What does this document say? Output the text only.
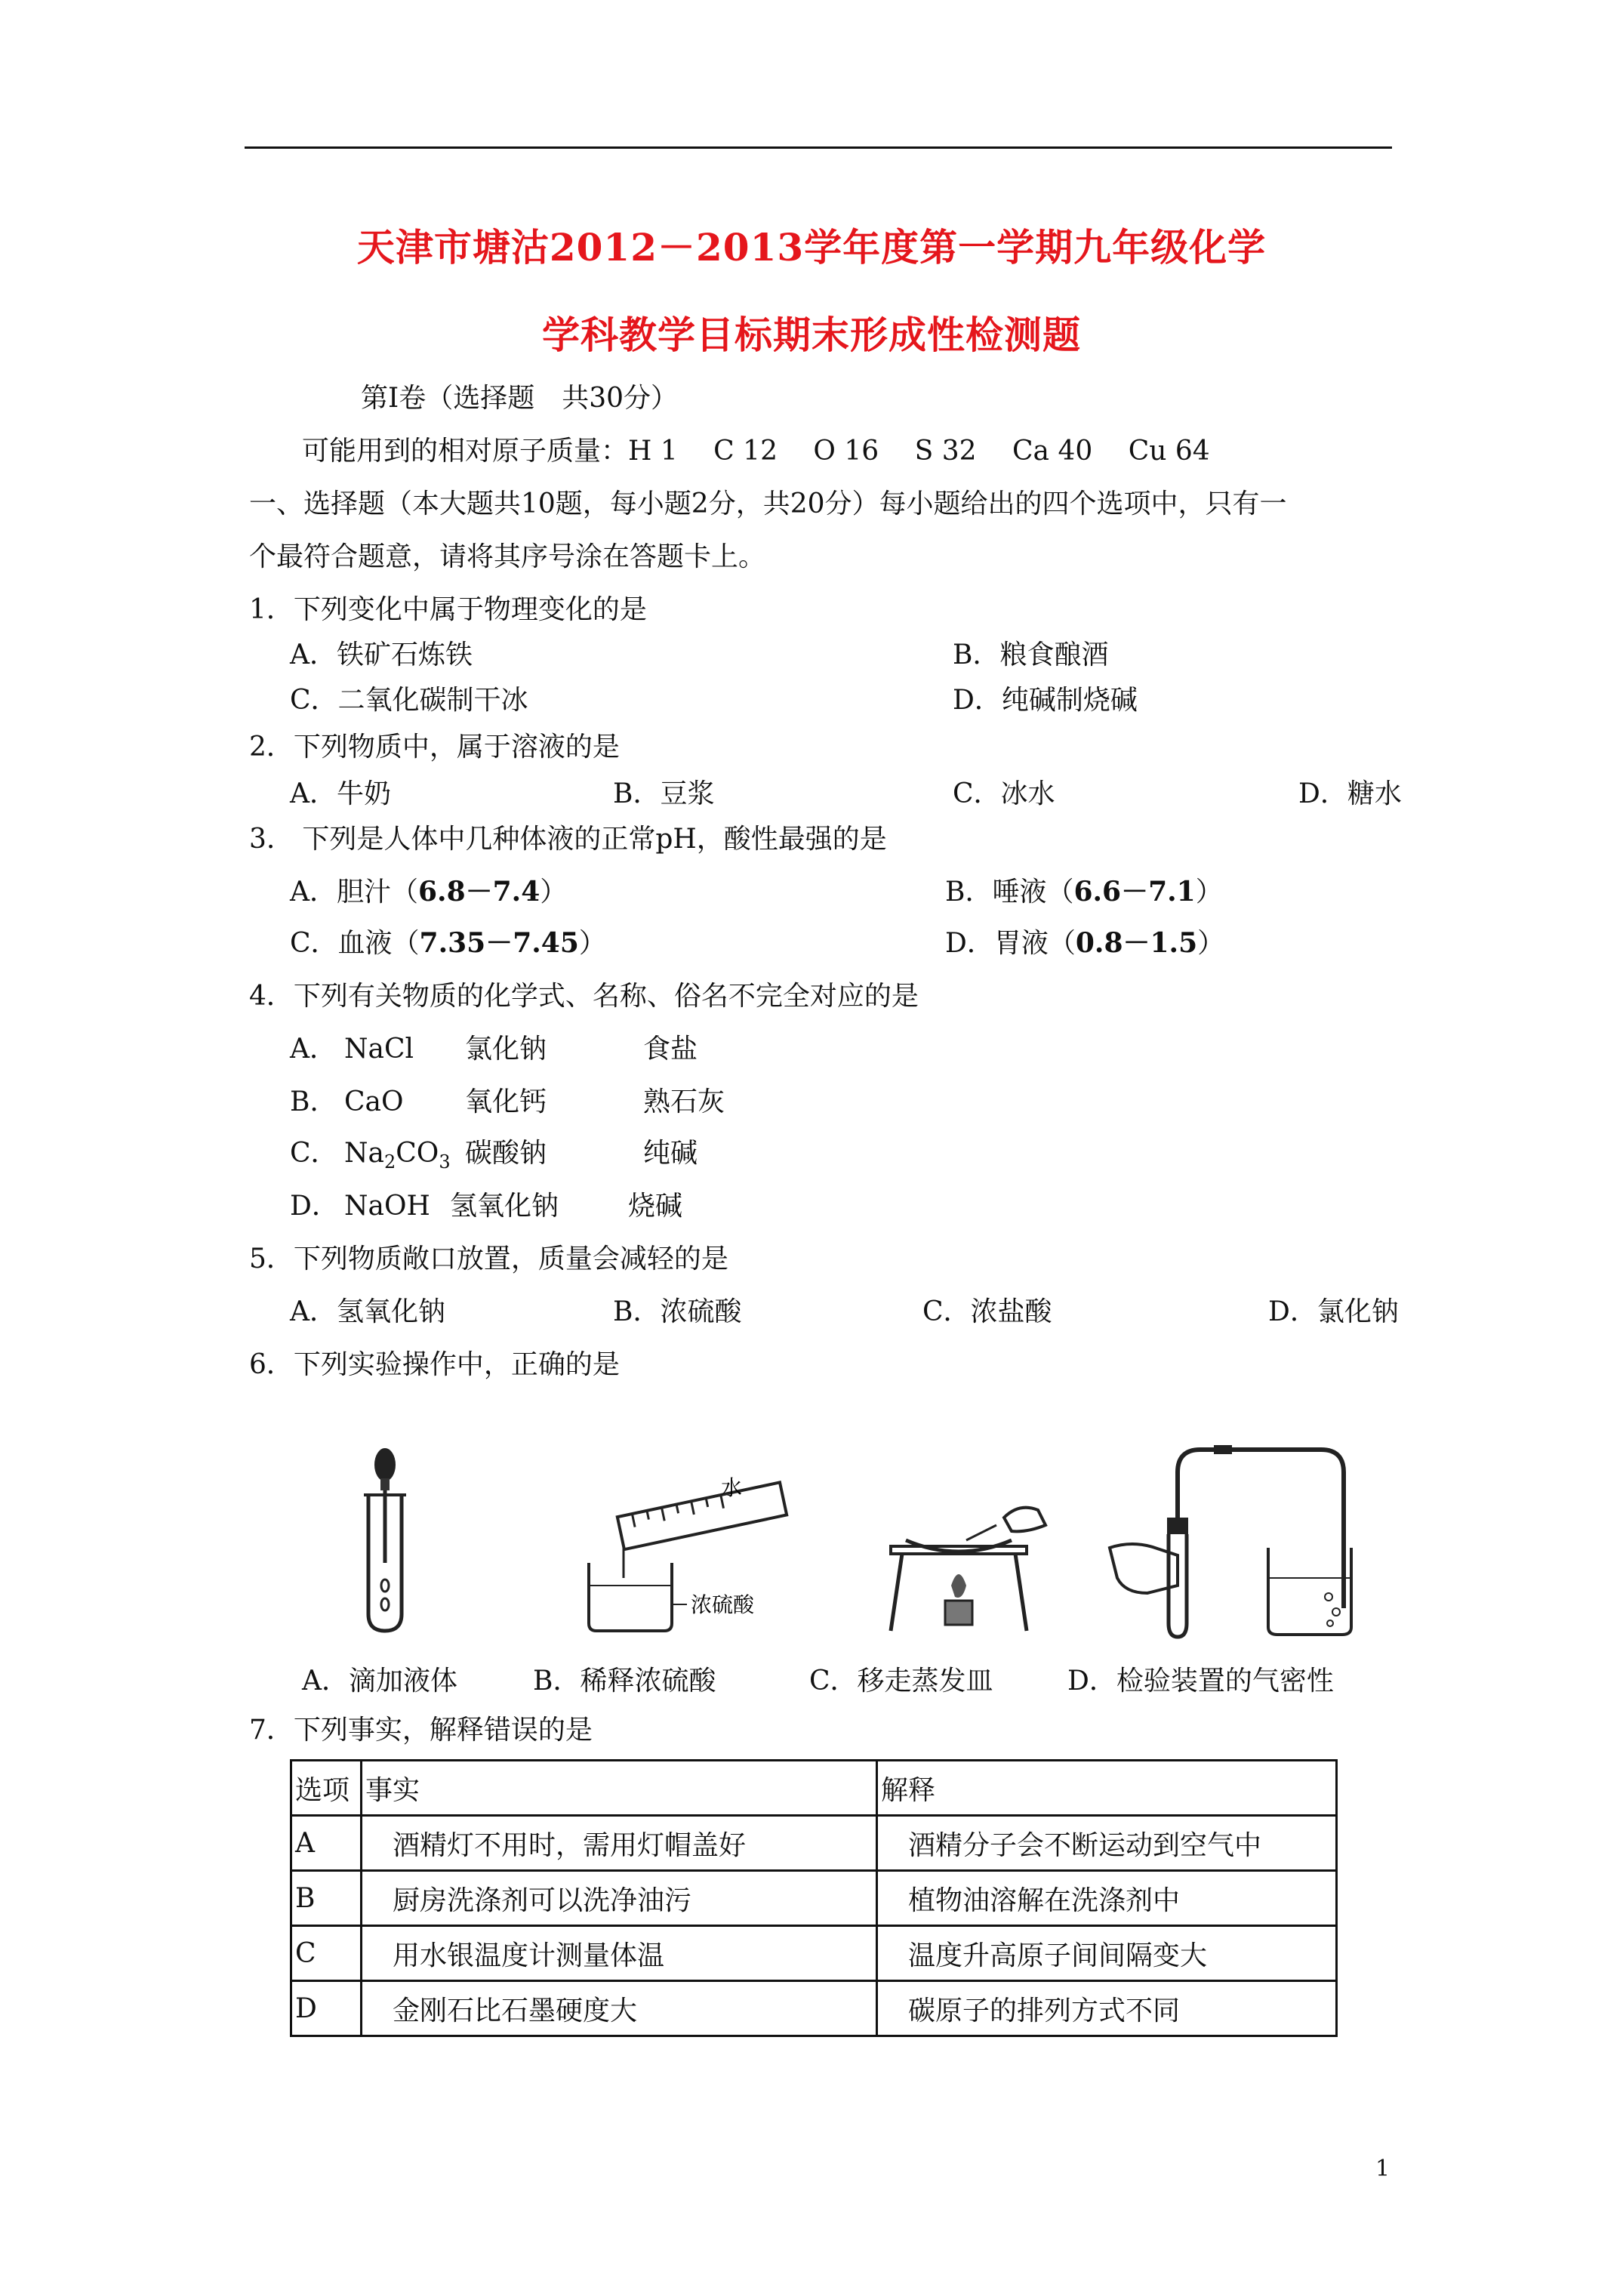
天津市塘沽2012－2013学年度第一学期九年级化学
学科教学目标期末形成性检测题
第Ⅰ卷（选择题　共30分）
可能用到的相对原子质量：H 1　 C 12　 O 16　 S 32　 Ca 40　 Cu 64
一、选择题（本大题共10题，每小题2分，共20分）每小题给出的四个选项中，只有一
个最符合题意，请将其序号涂在答题卡上。
1．下列变化中属于物理变化的是
A．铁矿石炼铁	B．粮食酿酒
C．二氧化碳制干冰	D．纯碱制烧碱
2．下列物质中，属于溶液的是
A．牛奶	B．豆浆	C．冰水	D．糖水
3.　下列是人体中几种体液的正常pH，酸性最强的是
A．胆汁（6.8－7.4）	B．唾液（6.6－7.1）
C．血液（7.35－7.45）	D．胃液（0.8－1.5）
4．下列有关物质的化学式、名称、俗名不完全对应的是
A． NaCl 氯化钠	食盐
B． CaO 氧化钙	熟石灰
C． $Na_2CO_3$ 碳酸钠	纯碱
D． NaOH 氢氧化钠	烧碱
5．下列物质敞口放置，质量会减轻的是
A．氢氧化钠	B．浓硫酸	C．浓盐酸	D．氯化钠
6．下列实验操作中，正确的是
水
浓硫酸
A．滴加液体	B．稀释浓硫酸	C．移走蒸发皿	D．检验装置的气密性
7．下列事实，解释错误的是
选项	事实	解释
A	酒精灯不用时，需用灯帽盖好	酒精分子会不断运动到空气中
B	厨房洗涤剂可以洗净油污	植物油溶解在洗涤剂中
C	用水银温度计测量体温	温度升高原子间间隔变大
D	金刚石比石墨硬度大	碳原子的排列方式不同
1
